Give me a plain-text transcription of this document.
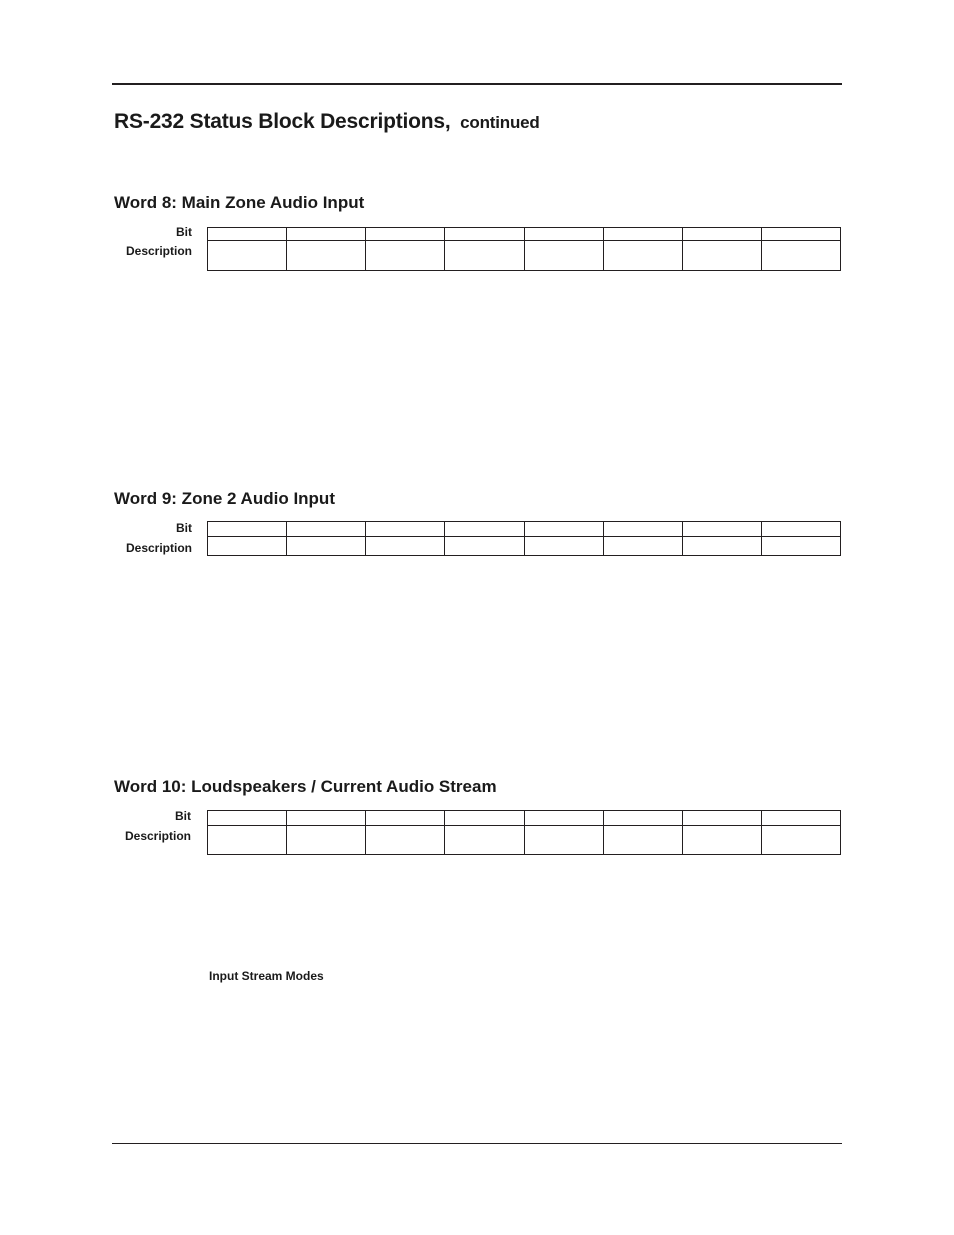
RS-232 Status Block Descriptions, continued
Word 8: Main Zone Audio Input
Bit
Description

Word 9: Zone 2 Audio Input
Bit
Description

Word 10: Loudspeakers / Current Audio Stream
Bit
Description

Input Stream Modes
